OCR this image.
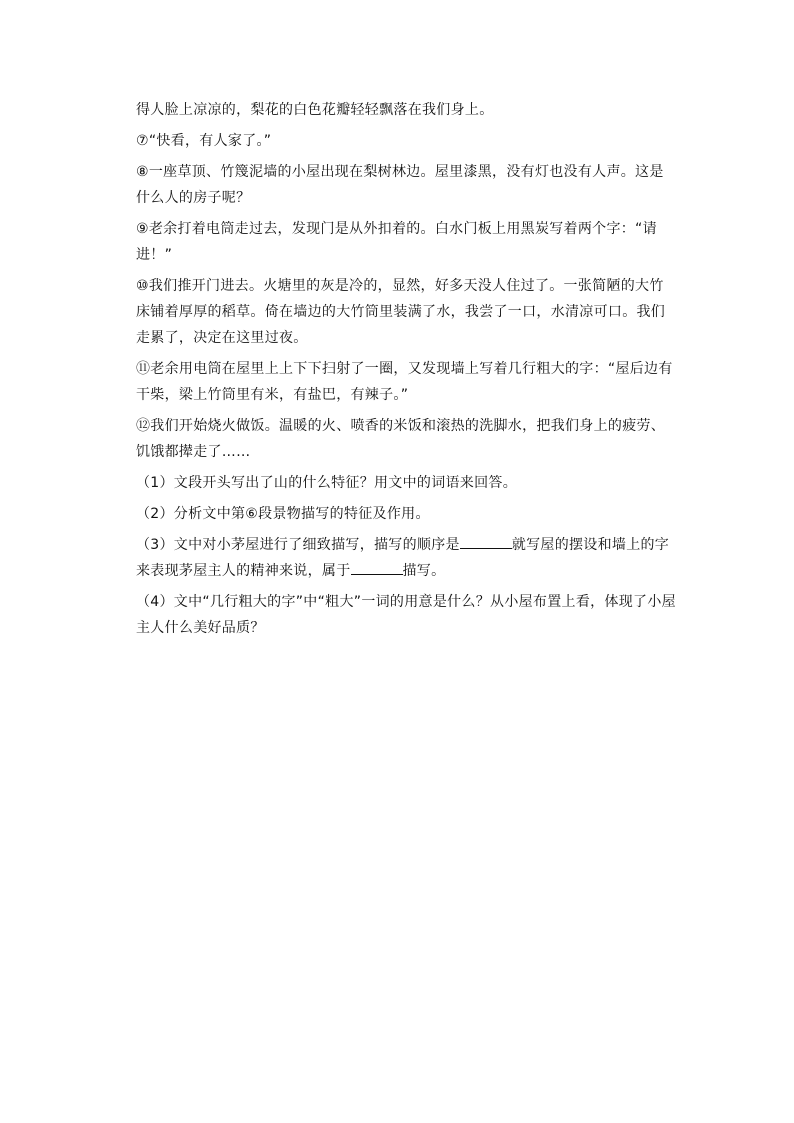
得人脸上凉凉的，梨花的白色花瓣轻轻飘落在我们身上。

⑦“快看，有人家了。”

⑧一座草顶、竹篾泥墙的小屋出现在梨树林边。屋里漆黑，没有灯也没有人声。这是什么人的房子呢？

⑨老余打着电筒走过去，发现门是从外扣着的。白水门板上用黑炭写着两个字：“请进！”

⑩我们推开门进去。火塘里的灰是冷的，显然，好多天没人住过了。一张简陋的大竹床铺着厚厚的稻草。倚在墙边的大竹筒里装满了水，我尝了一口，水清凉可口。我们走累了，决定在这里过夜。

⑪老余用电筒在屋里上上下下扫射了一圈，又发现墙上写着几行粗大的字：“屋后边有干柴，梁上竹筒里有米，有盐巴，有辣子。”

⑫我们开始烧火做饭。温暖的火、喷香的米饭和滚热的洗脚水，把我们身上的疲劳、饥饿都撵走了……

（1）文段开头写出了山的什么特征？用文中的词语来回答。

（2）分析文中第⑥段景物描写的特征及作用。

（3）文中对小茅屋进行了细致描写，描写的顺序是	就写屋的摆设和墙上的字来表现茅屋主人的精神来说，属于	描写。

（4）文中“几行粗大的字”中“粗大”一词的用意是什么？从小屋布置上看，体现了小屋主人什么美好品质？
